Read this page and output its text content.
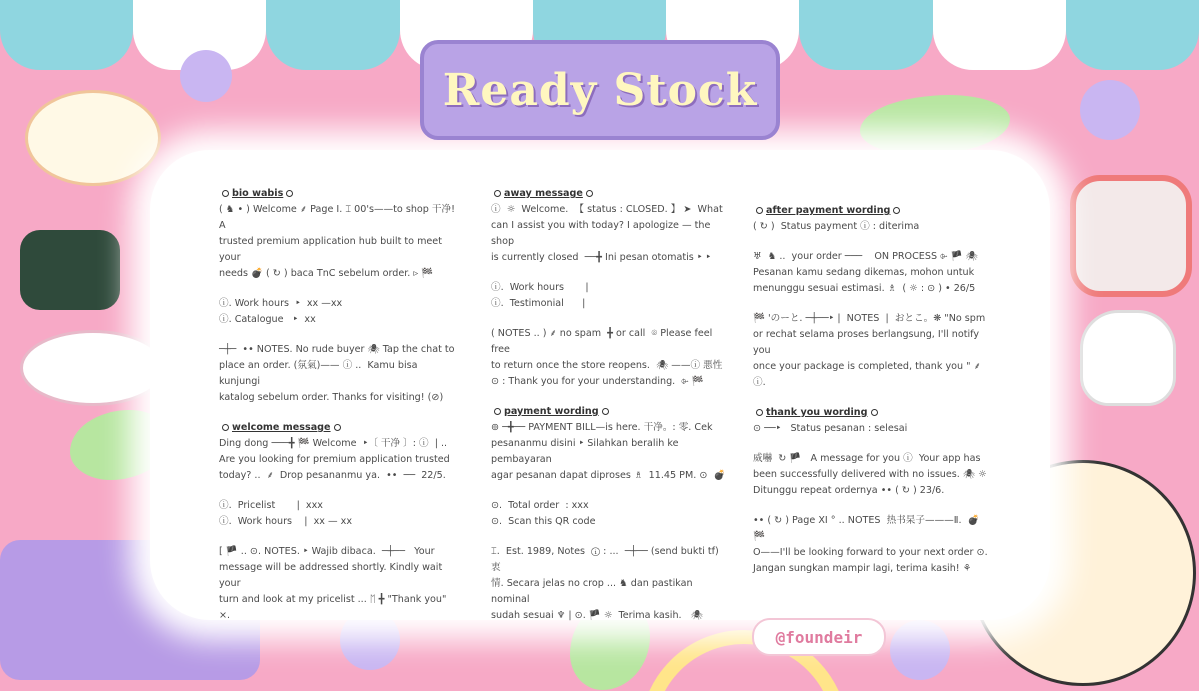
Ready Stock
bio wabis
( ♞ • ) Welcome ⸙ Page I. ⌶ 00's——to shop 干净!  A
trusted premium application hub built to meet your
needs 💣 ( ↻ ) baca TnC sebelum order. ▹ 🏁
ⓘ. Work hours  ‣  xx —xx
ⓘ. Catalogue   ‣  xx
─┼─  •• NOTES. No rude buyer 🕷 Tap the chat to
place an order. (氛氣)—— ⓘ ..  Kamu bisa kunjungi
katalog sebelum order. Thanks for visiting! (⊘)
welcome message
Ding dong ───╋ 🏁 Welcome  ‣〔 干净 〕: ⓘ  | ..
Are you looking for premium application trusted
today? ..  ⸙  Drop pesananmu ya.  ••  ──  22/5.
ⓘ.  Pricelist       |  xxx
ⓘ.  Work hours    |  xx — xx
[ 🏴 .. ⊙. NOTES. ‣ Wajib dibaca.  ─┼──   Your
message will be addressed shortly. Kindly wait your
turn and look at my pricelist ... ᛖ ╋ "Thank you" ⨯.
away message
ⓘ  ☼  Welcome.  【 status : CLOSED. 】 ➤  What
can I assist you with today? I apologize — the shop
is currently closed  ──╋ Ini pesan otomatis ‣ ‣
ⓘ.  Work hours       |
ⓘ.  Testimonial      |
( NOTES .. ) ⸙ no spam  ╋ or call  ⌾ Please feel free
to return once the store reopens.  🕷 ——ⓘ 悪性
⊙ : Thank you for your understanding.  ⌱ 🏁
payment wording
⊚ ─╋── PAYMENT BILL—is here. 干净。: 零. Cek
pesananmu disini ‣ Silahkan beralih ke pembayaran
agar pesanan dapat diproses ♗  11.45 PM. ⊙  💣
⊙.  Total order  : xxx
⊙.  Scan this QR code
⌶.  Est. 1989, Notes  ⓘ : ...  ─┼── (send bukti tf) 衷
情. Secara jelas no crop ... ♞ dan pastikan nominal
sudah sesuai ♆ | ⊙. 🏴 ☼  Terima kasih.   🕷
after payment wording
( ↻ )  Status payment ⓘ : diterima
♅  ♞ ..  your order ───    ON PROCESS ⌱ 🏴 🕷
Pesanan kamu sedang dikemas, mohon untuk
menunggu sesuai estimasi. ♗  ( ☼ : ⊙ ) • 26/5
🏁 'のーと. ─┼──‣ |  NOTES  |  おとこ。❋ "No spm
or rechat selama proses berlangsung, I'll notify you
once your package is completed, thank you " ⸙ ⓘ.
thank you wording
⊙ ──‣   Status pesanan : selesai
威嚇  ↻ 🏴   A message for you ⓘ  Your app has
been successfully delivered with no issues. 🕷 ☼
Ditunggu repeat ordernya •• ( ↻ ) 23/6.
•• ( ↻ ) Page XI ° .. NOTES  热书杲子———Ⅱ.  💣 🏁
O——I'll be looking forward to your next order ⊙.
Jangan sungkan mampir lagi, terima kasih! ⚘
@foundeir
